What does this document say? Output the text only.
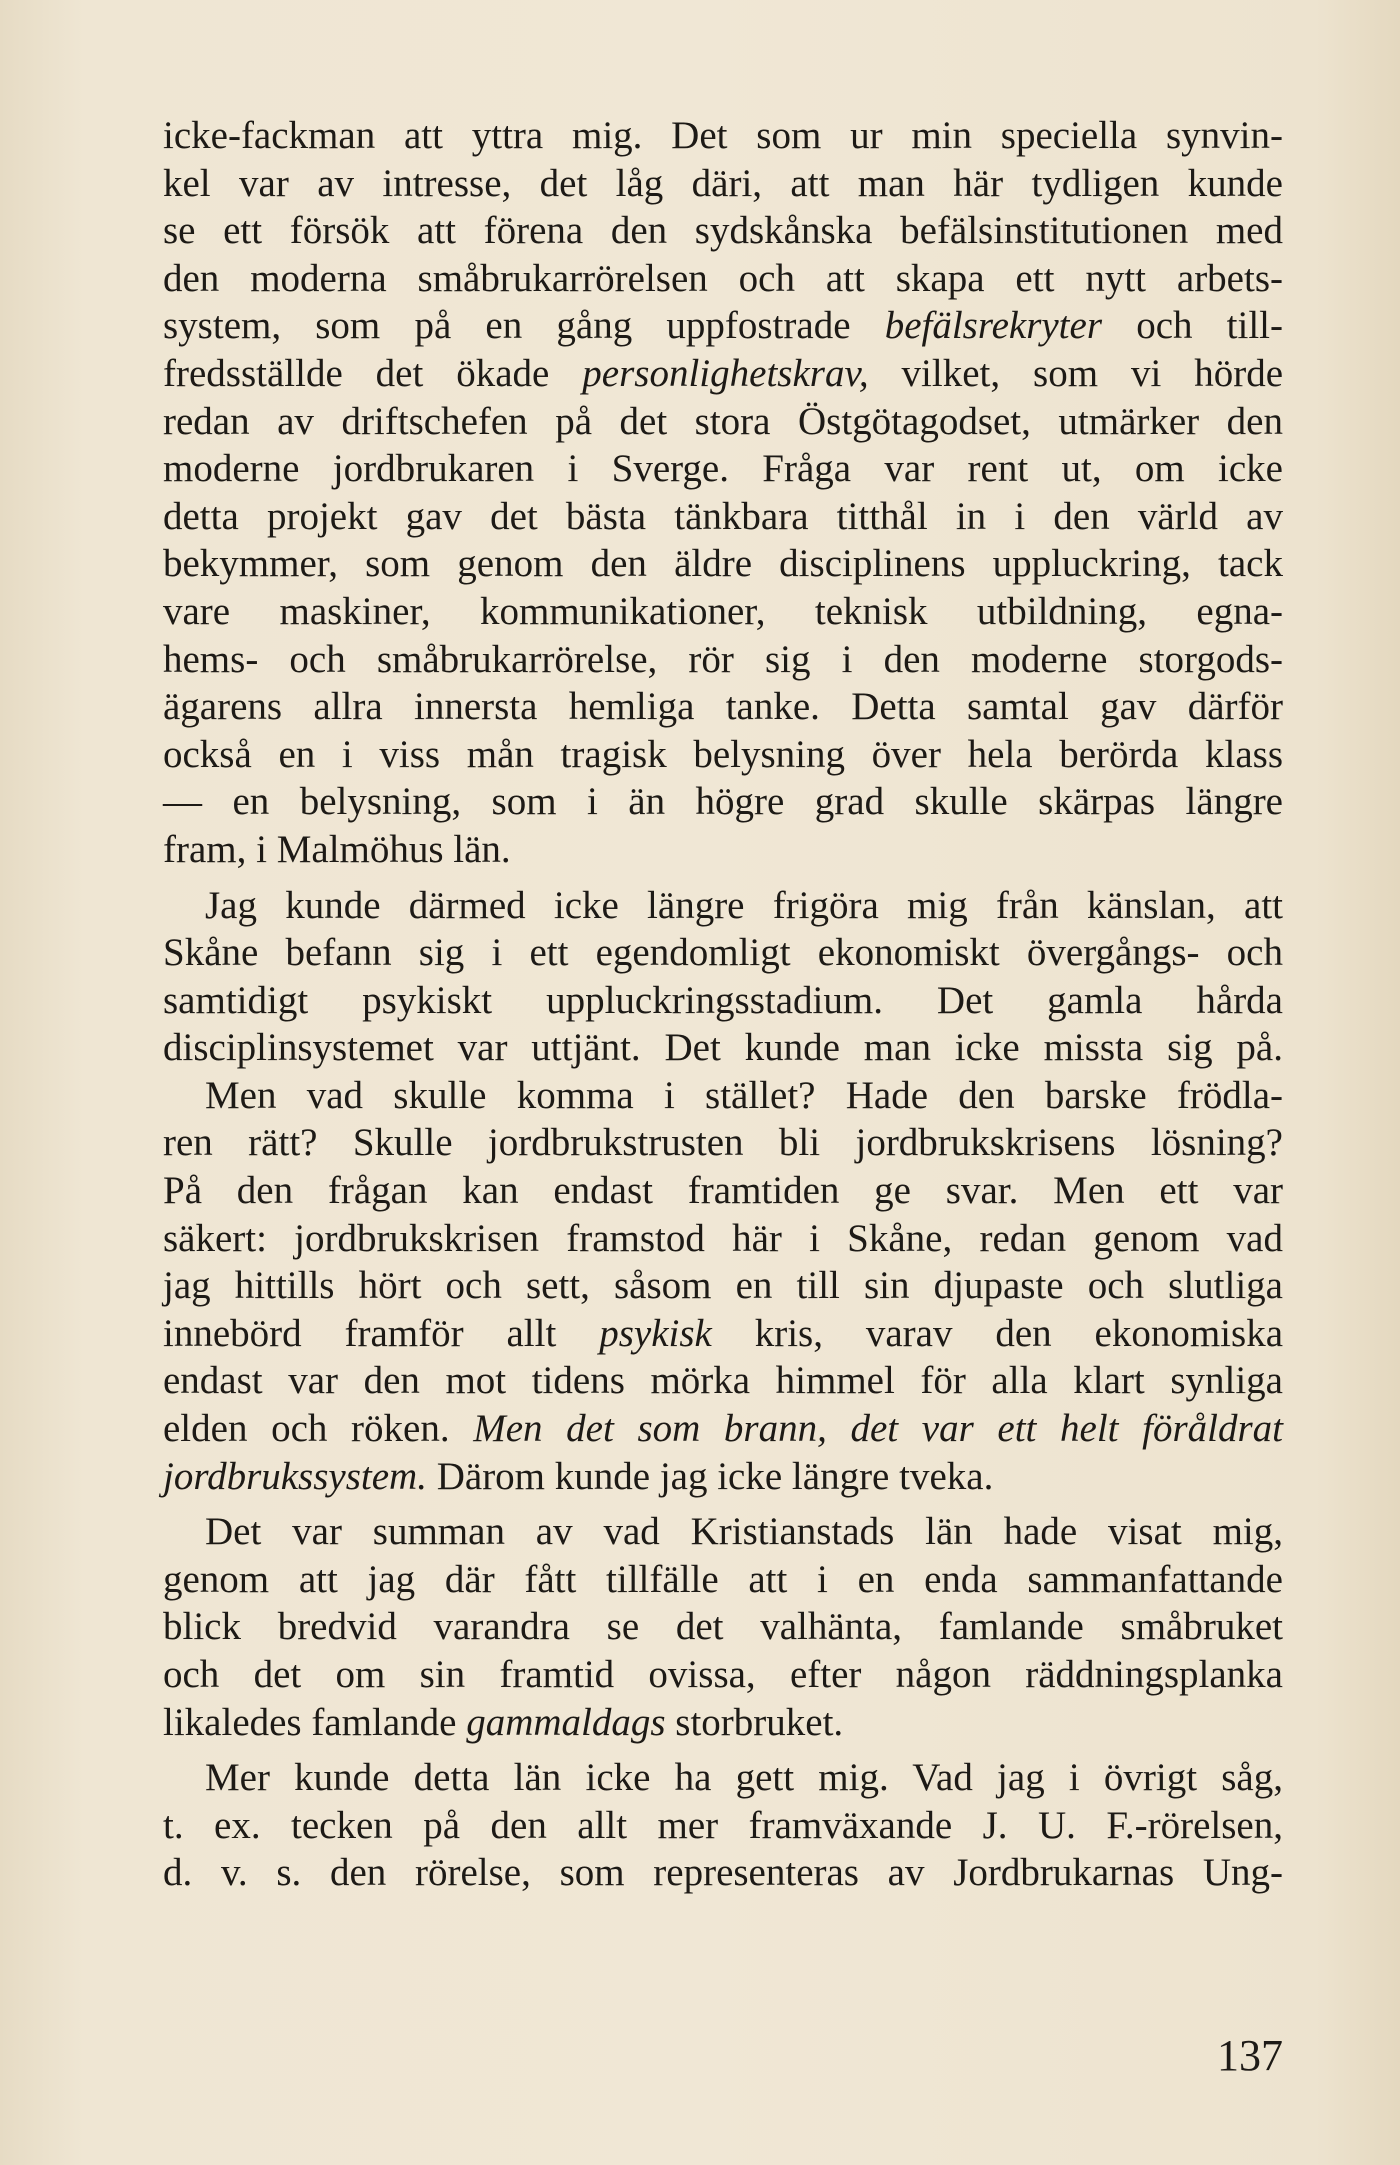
icke-fackman att yttra mig. Det som ur min speciella synvin-
kel var av intresse, det låg däri, att man här tydligen kunde
se ett försök att förena den sydskånska befälsinstitutionen med
den moderna småbrukarrörelsen och att skapa ett nytt arbets-
system, som på en gång uppfostrade befälsrekryter och till-
fredsställde det ökade personlighetskrav, vilket, som vi hörde
redan av driftschefen på det stora Östgötagodset, utmärker den
moderne jordbrukaren i Sverge. Fråga var rent ut, om icke
detta projekt gav det bästa tänkbara titthål in i den värld av
bekymmer, som genom den äldre disciplinens uppluckring, tack
vare maskiner, kommunikationer, teknisk utbildning, egna-
hems- och småbrukarrörelse, rör sig i den moderne storgods-
ägarens allra innersta hemliga tanke. Detta samtal gav därför
också en i viss mån tragisk belysning över hela berörda klass
— en belysning, som i än högre grad skulle skärpas längre
fram, i Malmöhus län.
Jag kunde därmed icke längre frigöra mig från känslan, att
Skåne befann sig i ett egendomligt ekonomiskt övergångs- och
samtidigt psykiskt uppluckringsstadium. Det gamla hårda
disciplinsystemet var uttjänt. Det kunde man icke missta sig på.
Men vad skulle komma i stället? Hade den barske frödla-
ren rätt? Skulle jordbrukstrusten bli jordbrukskrisens lösning?
På den frågan kan endast framtiden ge svar. Men ett var
säkert: jordbrukskrisen framstod här i Skåne, redan genom vad
jag hittills hört och sett, såsom en till sin djupaste och slutliga
innebörd framför allt psykisk kris, varav den ekonomiska
endast var den mot tidens mörka himmel för alla klart synliga
elden och röken. Men det som brann, det var ett helt föråldrat
jordbrukssystem. Därom kunde jag icke längre tveka.
Det var summan av vad Kristianstads län hade visat mig,
genom att jag där fått tillfälle att i en enda sammanfattande
blick bredvid varandra se det valhänta, famlande småbruket
och det om sin framtid ovissa, efter någon räddningsplanka
likaledes famlande gammaldags storbruket.
Mer kunde detta län icke ha gett mig. Vad jag i övrigt såg,
t. ex. tecken på den allt mer framväxande J. U. F.-rörelsen,
d. v. s. den rörelse, som representeras av Jordbrukarnas Ung-
137
